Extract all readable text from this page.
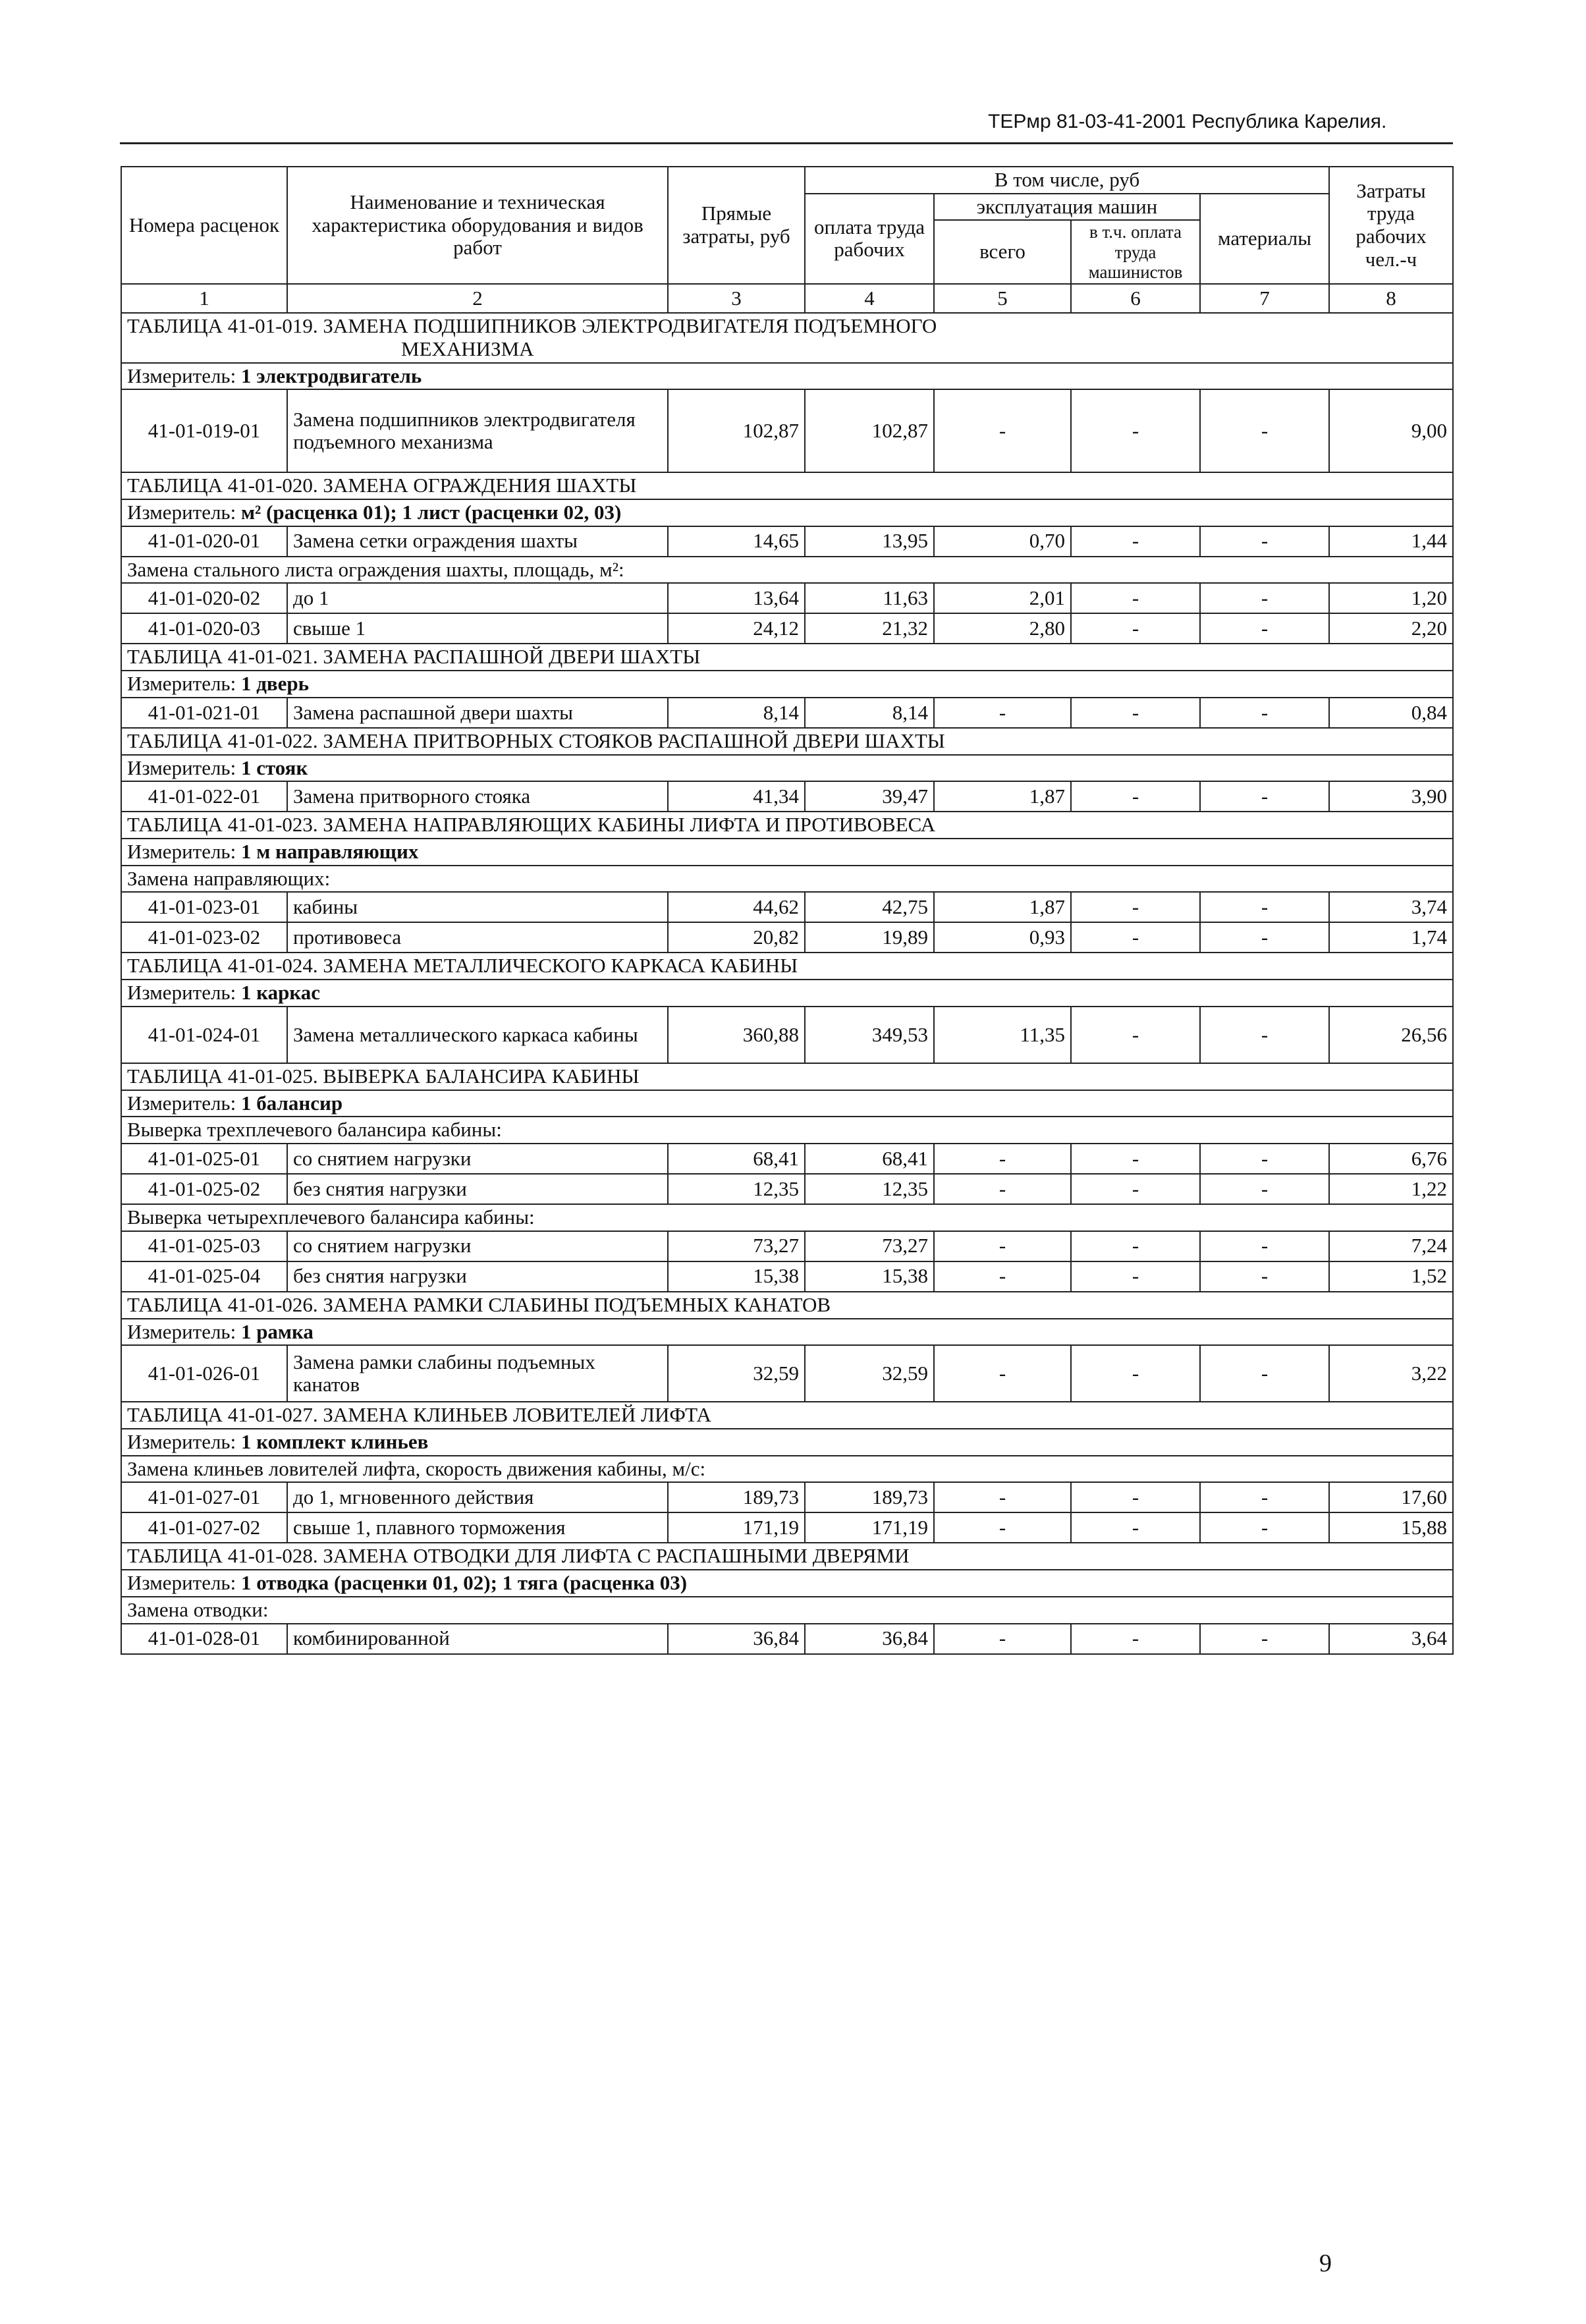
ТЕРмр 81-03-41-2001 Республика Карелия.
Номера расценок	Наименование и техническая характеристика оборудования и видов работ	Прямые затраты, руб	В том числе, руб				Затраты труда рабочих чел.-ч
			оплата труда рабочих	эксплуатация машин		материалы	
				всего	в т.ч. оплата труда машинистов		
1	2	3	4	5	6	7	8

ТАБЛИЦА 41-01-019. ЗАМЕНА ПОДШИПНИКОВ ЭЛЕКТРОДВИГАТЕЛЯ ПОДЪЕМНОГО
МЕХАНИЗМА							

Измеритель: 1 электродвигатель							
41-01-019-01	Замена подшипников электродвигателя подъемного механизма	102,87	102,87	-	-	-	9,00

ТАБЛИЦА 41-01-020. ЗАМЕНА ОГРАЖДЕНИЯ ШАХТЫ							

Измеритель: м² (расценка 01); 1 лист (расценки 02, 03)							
41-01-020-01	Замена сетки ограждения шахты	14,65	13,95	0,70	-	-	1,44
Замена стального листа ограждения шахты, площадь, м²:							
41-01-020-02	до 1	13,64	11,63	2,01	-	-	1,20
41-01-020-03	свыше 1	24,12	21,32	2,80	-	-	2,20

ТАБЛИЦА 41-01-021. ЗАМЕНА РАСПАШНОЙ ДВЕРИ ШАХТЫ							

Измеритель: 1 дверь							
41-01-021-01	Замена распашной двери шахты	8,14	8,14	-	-	-	0,84

ТАБЛИЦА 41-01-022. ЗАМЕНА ПРИТВОРНЫХ СТОЯКОВ РАСПАШНОЙ ДВЕРИ ШАХТЫ							

Измеритель: 1 стояк							
41-01-022-01	Замена притворного стояка	41,34	39,47	1,87	-	-	3,90

ТАБЛИЦА 41-01-023. ЗАМЕНА НАПРАВЛЯЮЩИХ КАБИНЫ ЛИФТА И ПРОТИВОВЕСА							

Измеритель: 1 м направляющих							
Замена направляющих:							
41-01-023-01	кабины	44,62	42,75	1,87	-	-	3,74
41-01-023-02	противовеса	20,82	19,89	0,93	-	-	1,74

ТАБЛИЦА 41-01-024. ЗАМЕНА МЕТАЛЛИЧЕСКОГО КАРКАСА КАБИНЫ							

Измеритель: 1 каркас							
41-01-024-01	Замена металлического каркаса кабины	360,88	349,53	11,35	-	-	26,56

ТАБЛИЦА 41-01-025. ВЫВЕРКА БАЛАНСИРА КАБИНЫ							

Измеритель: 1 балансир							
Выверка трехплечевого балансира кабины:							
41-01-025-01	со снятием нагрузки	68,41	68,41	-	-	-	6,76
41-01-025-02	без снятия нагрузки	12,35	12,35	-	-	-	1,22
Выверка четырехплечевого балансира кабины:							
41-01-025-03	со снятием нагрузки	73,27	73,27	-	-	-	7,24
41-01-025-04	без снятия нагрузки	15,38	15,38	-	-	-	1,52

ТАБЛИЦА 41-01-026. ЗАМЕНА РАМКИ СЛАБИНЫ ПОДЪЕМНЫХ КАНАТОВ							

Измеритель: 1 рамка							
41-01-026-01	Замена рамки слабины подъемных канатов	32,59	32,59	-	-	-	3,22

ТАБЛИЦА 41-01-027. ЗАМЕНА КЛИНЬЕВ ЛОВИТЕЛЕЙ ЛИФТА							

Измеритель: 1 комплект клиньев							
Замена клиньев ловителей лифта, скорость движения кабины, м/с:							
41-01-027-01	до 1, мгновенного действия	189,73	189,73	-	-	-	17,60
41-01-027-02	свыше 1, плавного торможения	171,19	171,19	-	-	-	15,88

ТАБЛИЦА 41-01-028. ЗАМЕНА ОТВОДКИ ДЛЯ ЛИФТА С РАСПАШНЫМИ ДВЕРЯМИ							

Измеритель: 1 отводка (расценки 01, 02); 1 тяга (расценка 03)							
Замена отводки:							
41-01-028-01	комбинированной	36,84	36,84	-	-	-	3,64
9
